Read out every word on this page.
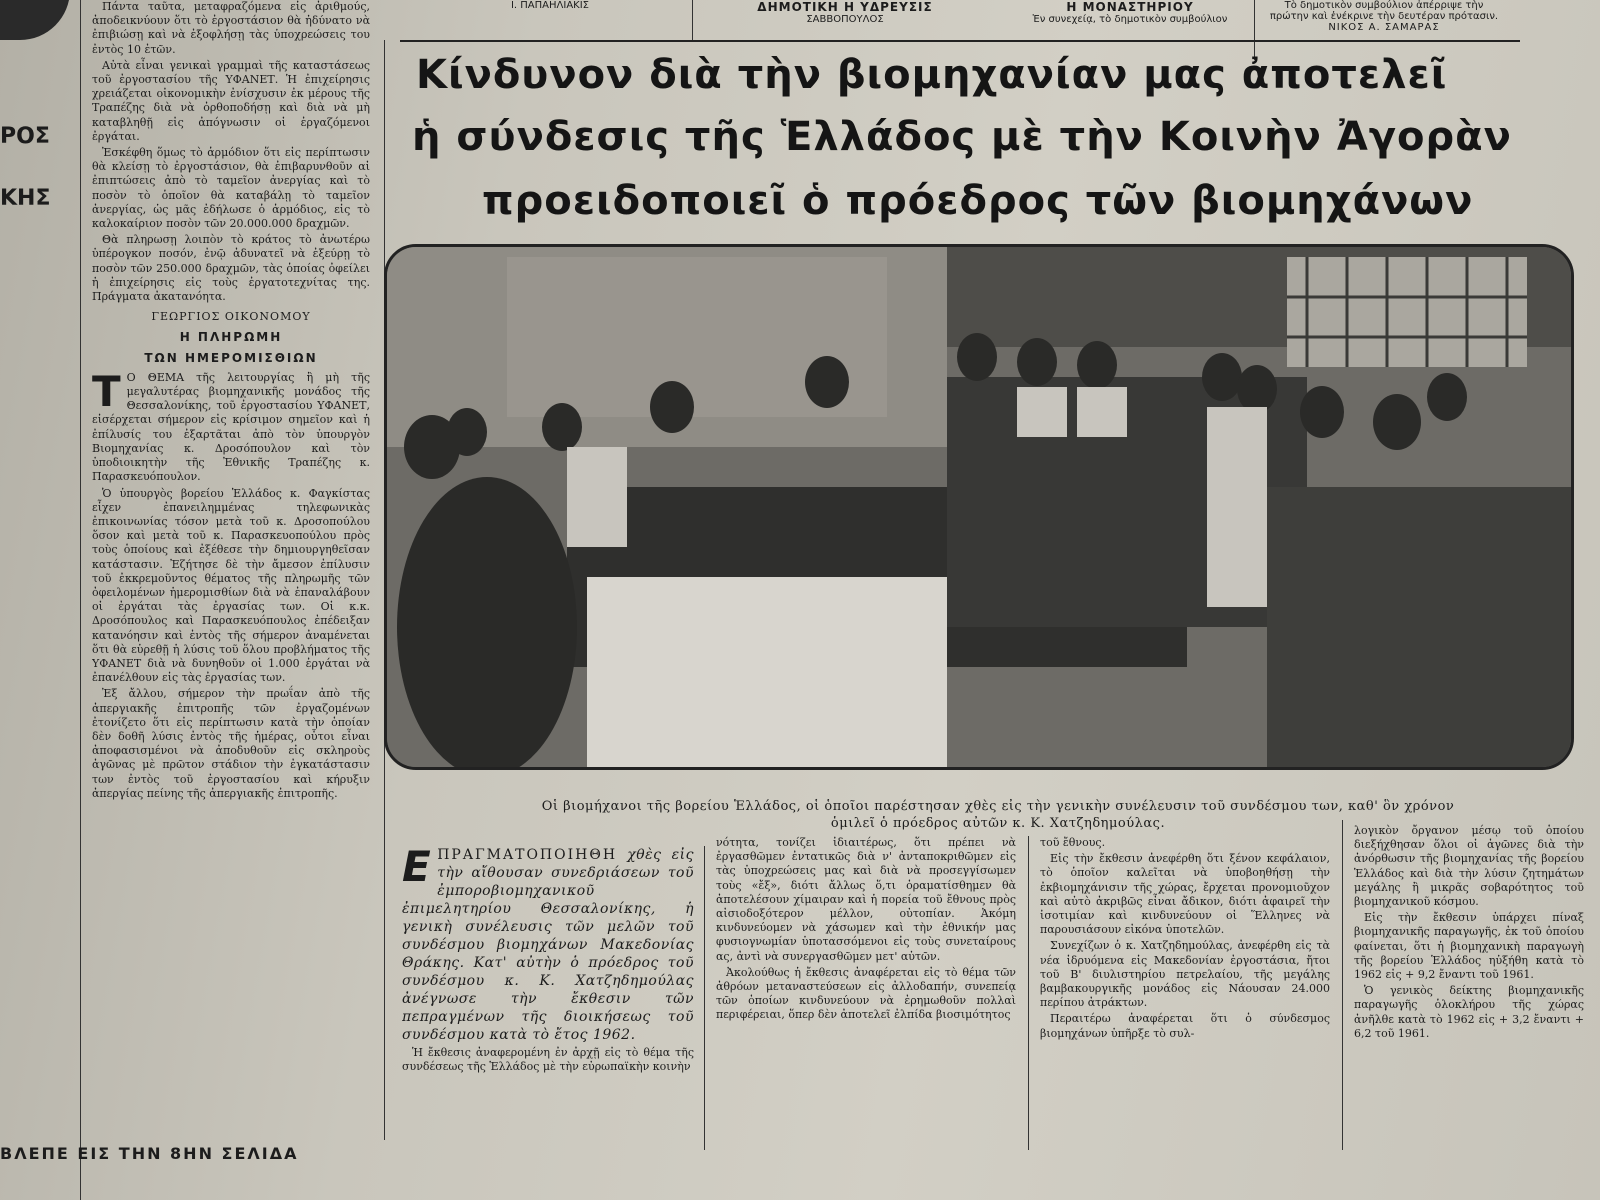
ΡΟΣ
ΚΗΣ
Ι. ΠΑΠΑΗΛΙΑΚΙΣ	ΔΗΜΟΤΙΚΗ Η ΥΔΡΕΥΣΙΣ
ΣΑΒΒΟΠΟΥΛΟΣ
Η ΜΟΝΑΣΤΗΡΙΟΥ
Ἐν συνεχείᾳ, τὸ δημοτικὸν συμβούλιον
Τὸ δημοτικὸν συμβούλιον ἀπέρριψε τὴν πρώτην καὶ ἐνέκρινε τὴν δευτέραν πρότασιν.
ΝΙΚΟΣ Α. ΣΑΜΑΡΑΣ

Πάντα ταῦτα, μεταφραζόμενα εἰς ἀριθμούς, ἀποδεικνύουν ὅτι τὸ ἐργοστάσιον θὰ ἠδύνατο νὰ ἐπιβιώσῃ καὶ νὰ ἐξοφλήσῃ τὰς ὑποχρεώσεις του ἐντὸς 10 ἐτῶν.

Αὐτὰ εἶναι γενικαὶ γραμμαὶ τῆς καταστάσεως τοῦ ἐργοστασίου τῆς ΥΦΑΝΕΤ. Ἡ ἐπιχείρησις χρειάζεται οἰκονομικὴν ἐνίσχυσιν ἐκ μέρους τῆς Τραπέζης διὰ νὰ ὀρθοποδήσῃ καὶ διὰ νὰ μὴ καταβληθῇ εἰς ἀπόγνωσιν οἱ ἐργαζόμενοι ἐργάται.

Ἐσκέφθη ὅμως τὸ ἁρμόδιον ὅτι εἰς περίπτωσιν θὰ κλείσῃ τὸ ἐργοστάσιον, θὰ ἐπιβαρυνθοῦν αἱ ἐπιπτώσεις ἀπὸ τὸ ταμεῖον ἀνεργίας καὶ τὸ ποσὸν τὸ ὁποῖον θὰ καταβάλῃ τὸ ταμεῖον ἀνεργίας, ὡς μᾶς ἐδήλωσε ὁ ἁρμόδιος, εἰς τὸ καλοκαίριον ποσὸν τῶν 20.000.000 δραχμῶν.

Θὰ πληρωσῃ λοιπὸν τὸ κράτος τὸ ἀνωτέρω ὑπέρογκον ποσόν, ἐνῷ ἀδυνατεῖ νὰ ἐξεύρῃ τὸ ποσὸν τῶν 250.000 δραχμῶν, τὰς ὁποίας ὀφείλει ἡ ἐπιχείρησις εἰς τοὺς ἐργατοτεχνίτας της. Πράγματα ἀκατανόητα.

ΓΕΩΡΓΙΟΣ ΟΙΚΟΝΟΜΟΥ
Η ΠΛΗΡΩΜΗ
ΤΩΝ ΗΜΕΡΟΜΙΣΘΙΩΝ

Τ Ο ΘΕΜΑ τῆς λειτουργίας ἢ μὴ τῆς μεγαλυτέρας βιομηχανικῆς μονάδος τῆς Θεσσαλονίκης, τοῦ ἐργοστασίου ΥΦΑΝΕΤ, εἰσέρχεται σήμερον εἰς κρίσιμον σημεῖον καὶ ἡ ἐπίλυσίς του ἐξαρτᾶται ἀπὸ τὸν ὑπουργὸν Βιομηχανίας κ. Δροσόπουλον καὶ τὸν ὑποδιοικητὴν τῆς Ἐθνικῆς Τραπέζης κ. Παρασκευόπουλον.

Ὁ ὑπουργὸς βορείου Ἑλλάδος κ. Φαγκίστας εἶχεν ἐπανειλημμένας τηλεφωνικὰς ἐπικοινωνίας τόσον μετὰ τοῦ κ. Δροσοπούλου ὅσον καὶ μετὰ τοῦ κ. Παρασκευοπούλου πρὸς τοὺς ὁποίους καὶ ἐξέθεσε τὴν δημιουργηθεῖσαν κατάστασιν. Ἐζήτησε δὲ τὴν ἄμεσον ἐπίλυσιν τοῦ ἐκκρεμοῦντος θέματος τῆς πληρωμῆς τῶν ὀφειλομένων ἡμερομισθίων διὰ νὰ ἐπαναλάβουν οἱ ἐργάται τὰς ἐργασίας των. Οἱ κ.κ. Δροσόπουλος καὶ Παρασκευόπουλος ἐπέδειξαν κατανόησιν καὶ ἐντὸς τῆς σήμερον ἀναμένεται ὅτι θὰ εὑρεθῇ ἡ λύσις τοῦ ὅλου προβλήματος τῆς ΥΦΑΝΕΤ διὰ νὰ δυνηθοῦν οἱ 1.000 ἐργάται νὰ ἐπανέλθουν εἰς τὰς ἐργασίας των.

Ἐξ ἄλλου, σήμερον τὴν πρωΐαν ἀπὸ τῆς ἀπεργιακῆς ἐπιτροπῆς τῶν ἐργαζομένων ἐτονίζετο ὅτι εἰς περίπτωσιν κατὰ τὴν ὁποίαν δὲν δοθῆ λύσις ἐντὸς τῆς ἡμέρας, οὗτοι εἶναι ἀποφασισμένοι νὰ ἀποδυθοῦν εἰς σκληροὺς ἀγῶνας μὲ πρῶτον στάδιον τὴν ἐγκατάστασιν των ἐντὸς τοῦ ἐργοστασίου καὶ κήρυξιν ἀπεργίας πείνης τῆς ἀπεργιακῆς ἐπιτροπῆς.

ΒΛΕΠΕ ΕΙΣ ΤΗΝ 8ΗΝ ΣΕΛΙΔΑ
Κίνδυνον διὰ τὴν βιομηχανίαν μας ἀποτελεῖ
ἡ σύνδεσις τῆς Ἑλλάδος μὲ τὴν Κοινὴν Ἀγορὰν
προειδοποιεῖ ὁ πρόεδρος τῶν βιομηχάνων
Οἱ βιομήχανοι τῆς βορείου Ἑλλάδος, οἱ ὁποῖοι παρέστησαν χθὲς εἰς τὴν γενικὴν συνέλευσιν τοῦ συνδέσμου των, καθ' ὃν χρόνον
ὁμιλεῖ ὁ πρόεδρος αὐτῶν κ. Κ. Χατζηδημούλας.

ΕΠΡΑΓΜΑΤΟΠΟΙΗΘΗ χθὲς εἰς τὴν αἴθουσαν συνεδριάσεων τοῦ ἐμποροβιομηχανικοῦ ἐπιμελητηρίου Θεσσαλονίκης, ἡ γενικὴ συνέλευσις τῶν μελῶν τοῦ συνδέσμου βιομηχάνων Μακεδονίας Θράκης. Κατ' αὐτὴν ὁ πρόεδρος τοῦ συνδέσμου κ. Κ. Χατζηδημούλας ἀνέγνωσε τὴν ἔκθεσιν τῶν πεπραγμένων τῆς διοικήσεως τοῦ συνδέσμου κατὰ τὸ ἔτος 1962.

Ἡ ἔκθεσις ἀναφερομένη ἐν ἀρχῇ εἰς τὸ θέμα τῆς συνδέσεως τῆς Ἑλλάδος μὲ τὴν εὐρωπαϊκὴν κοινὴν

νότητα, τονίζει ἰδιαιτέρως, ὅτι πρέπει νὰ ἐργασθῶμεν ἐντατικῶς διὰ ν' ἀνταποκριθῶμεν εἰς τὰς ὑποχρεώσεις μας καὶ διὰ νὰ προσεγγίσωμεν τοὺς «ἔξ», διότι ἄλλως ὅ,τι ὁραματίσθημεν θὰ ἀποτελέσουν χίμαιραν καὶ ἡ πορεία τοῦ ἔθνους πρὸς αἰσιοδοξότερον μέλλον, οὐτοπίαν. Ἀκόμη κινδυνεύομεν νὰ χάσωμεν καὶ τὴν ἐθνικήν μας φυσιογνωμίαν ὑποτασσόμενοι εἰς τοὺς συνεταίρους ας, ἀντὶ νὰ συνεργασθῶμεν μετ' αὐτῶν.

Ἀκολούθως ἡ ἔκθεσις ἀναφέρεται εἰς τὸ θέμα τῶν ἀθρόων μεταναστεύσεων εἰς ἀλλοδαπήν, συνεπείᾳ τῶν ὁποίων κινδυνεύουν νὰ ἐρημωθοῦν πολλαὶ περιφέρειαι, ὅπερ δὲν ἀποτελεῖ ἐλπίδα βιοσιμότητος

τοῦ ἔθνους.

Εἰς τὴν ἔκθεσιν ἀνεφέρθη ὅτι ξένον κεφάλαιον, τὸ ὁποῖον καλεῖται νὰ ὑποβοηθήσῃ τὴν ἐκβιομηχάνισιν τῆς χώρας, ἔρχεται προνομιοῦχον καὶ αὐτὸ ἀκριβῶς εἶναι ἄδικον, διότι ἀφαιρεῖ τὴν ἰσοτιμίαν καὶ κινδυνεύουν οἱ Ἕλληνες νὰ παρουσιάσουν εἰκόνα ὑποτελῶν.

Συνεχίζων ὁ κ. Χατζηδημούλας, ἀνεφέρθη εἰς τὰ νέα ἱδρυόμενα εἰς Μακεδονίαν ἐργοστάσια, ἤτοι τοῦ Β' διυλιστηρίου πετρελαίου, τῆς μεγάλης βαμβακουργικῆς μονάδος εἰς Νάουσαν 24.000 περίπου ἀτράκτων.

Περαιτέρω ἀναφέρεται ὅτι ὁ σύνδεσμος βιομηχάνων ὑπῆρξε τὸ συλ-

λογικὸν ὄργανον μέσῳ τοῦ ὁποίου διεξήχθησαν ὅλοι οἱ ἀγῶνες διὰ τὴν ἀνόρθωσιν τῆς βιομηχανίας τῆς βορείου Ἑλλάδος καὶ διὰ τὴν λύσιν ζητημάτων μεγάλης ἢ μικρᾶς σοβαρότητος τοῦ βιομηχανικοῦ κόσμου.

Εἰς τὴν ἔκθεσιν ὑπάρχει πίναξ βιομηχανικῆς παραγωγῆς, ἐκ τοῦ ὁποίου φαίνεται, ὅτι ἡ βιομηχανικὴ παραγωγὴ τῆς βορείου Ἑλλάδος ηὐξήθη κατὰ τὸ 1962 εἰς + 9,2 ἔναντι τοῦ 1961.

Ὁ γενικὸς δείκτης βιομηχανικῆς παραγωγῆς ὁλοκλήρου τῆς χώρας ἀνῆλθε κατὰ τὸ 1962 εἰς + 3,2 ἔναντι + 6,2 τοῦ 1961.
